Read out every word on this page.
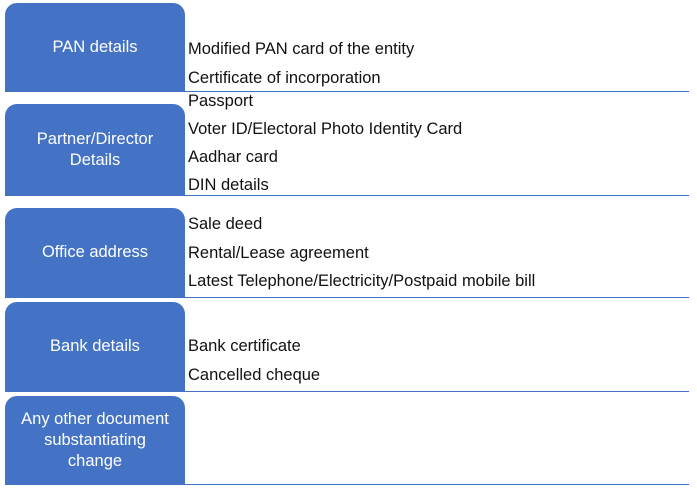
PAN details	Modified PAN card of the entity
Certificate of incorporation
Partner/Director Details
Passport
Voter ID/Electoral Photo Identity Card
Aadhar card
DIN details
Office address
Sale deed
Rental/Lease agreement
Latest Telephone/Electricity/Postpaid mobile bill
Bank details	Bank certificate
Cancelled cheque
Any other document substantiating change
